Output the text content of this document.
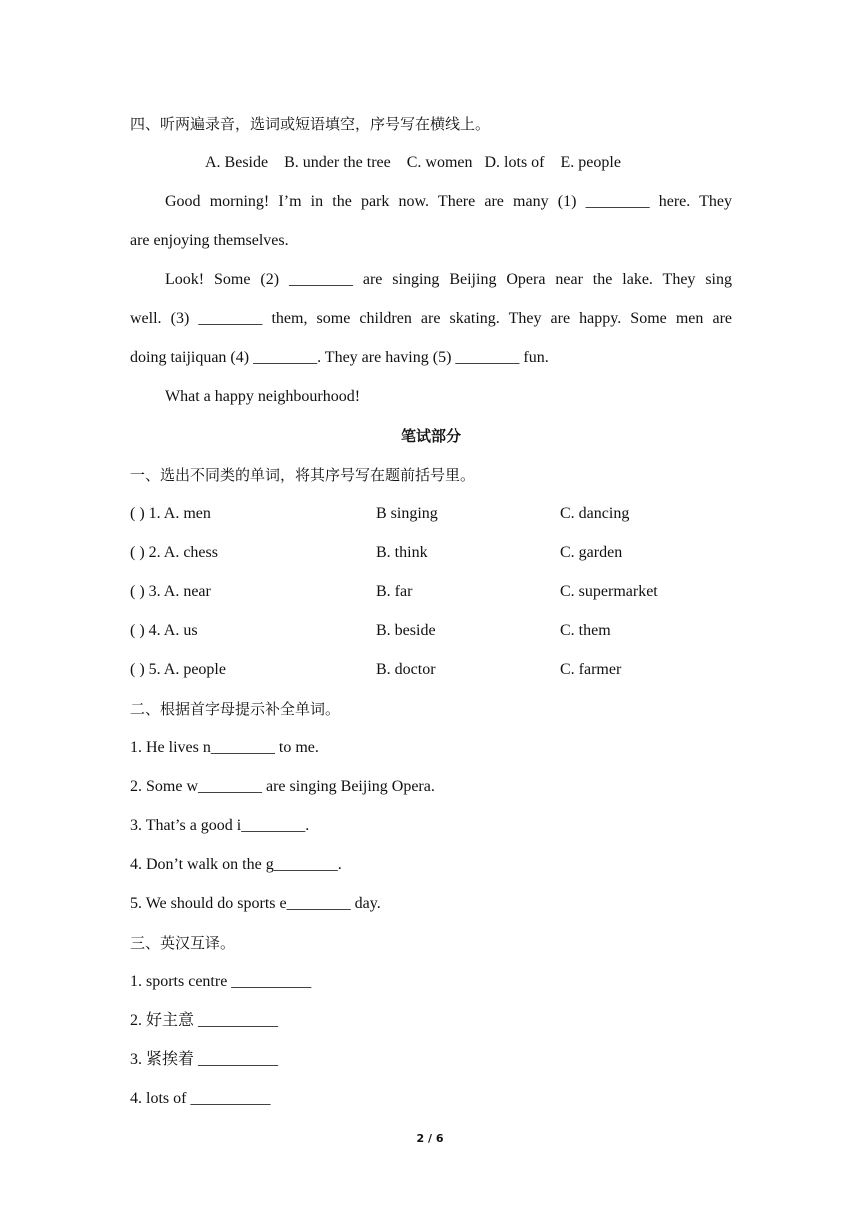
四、听两遍录音，选词或短语填空，序号写在横线上。
A. Beside    B. under the tree    C. women   D. lots of    E. people
Good morning! I’m in the park now. There are many (1) ________ here. They
are enjoying themselves.
Look! Some (2) ________ are singing Beijing Opera near the lake. They sing
well. (3) ________ them, some children are skating. They are happy. Some men are
doing taijiquan (4) ________. They are having (5) ________ fun.
What a happy neighbourhood!
笔试部分
一、选出不同类的单词，将其序号写在题前括号里。
( ) 1. A. men	B singing	C. dancing
( ) 2. A. chess	B. think	C. garden
( ) 3. A. near	B. far	C. supermarket
( ) 4. A. us	B. beside	C. them
( ) 5. A. people	B. doctor	C. farmer
二、根据首字母提示补全单词。
1. He lives n________ to me.
2. Some w________ are singing Beijing Opera.
3. That’s a good i________.
4. Don’t walk on the g________.
5. We should do sports e________ day.
三、英汉互译。
1. sports centre __________
2. 好主意 __________
3. 紧挨着 __________
4. lots of __________
2 / 6
